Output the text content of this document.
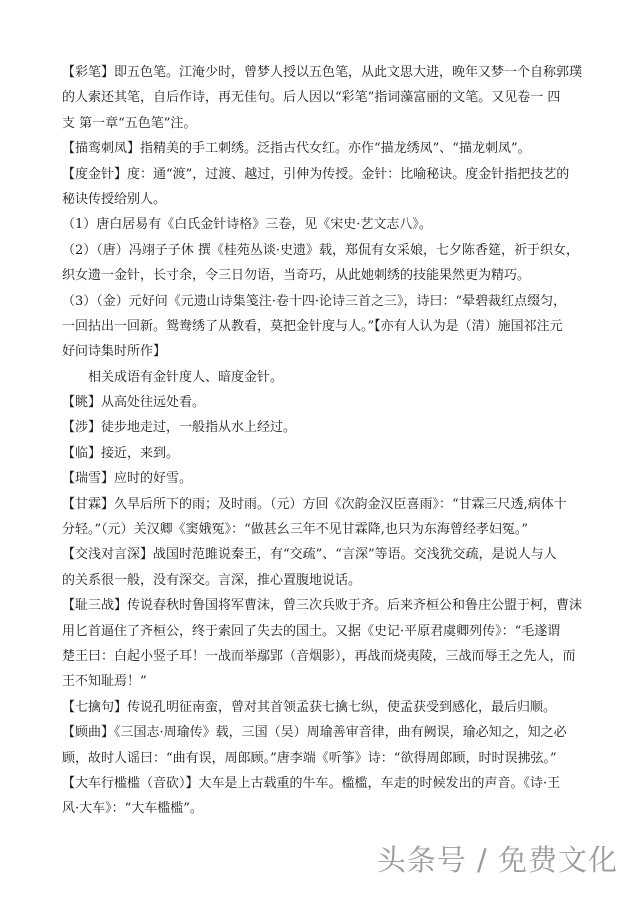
【彩笔】即五色笔。江淹少时，曾梦人授以五色笔，从此文思大进，晚年又梦一个自称郭璞
的人索还其笔，自后作诗，再无佳句。后人因以“彩笔”指词藻富丽的文笔。又见卷一 四
支 第一章“五色笔”注。
【描鸾刺凤】指精美的手工刺绣。泛指古代女红。亦作“描龙绣凤”、“描龙刺凤”。
【度金针】度：通“渡”，过渡、越过，引伸为传授。金针：比喻秘诀。度金针指把技艺的
秘诀传授给别人。
（1）唐白居易有《白氏金针诗格》三卷，见《宋史·艺文志八》。
（2）（唐）冯翊子子休 撰《桂苑丛谈·史遗》载，郑侃有女采娘，七夕陈香筵，祈于织女，
织女遗一金针，长寸余，令三日勿语，当奇巧，从此她刺绣的技能果然更为精巧。
（3）（金）元好问《元遗山诗集笺注·卷十四·论诗三首之三》，诗曰：“晕碧裁红点缀匀，
一回拈出一回新。鸳鸯绣了从教看，莫把金针度与人。”【亦有人认为是（清）施国祁注元
好问诗集时所作】
相关成语有金针度人、暗度金针。
【眺】从高处往远处看。
【涉】徒步地走过，一般指从水上经过。
【临】接近，来到。
【瑞雪】应时的好雪。
【甘霖】久旱后所下的雨；及时雨。（元）方回《次韵金汉臣喜雨》：“甘霖三尺透,病体十
分轻。”（元）关汉卿《窦娥冤》：“做甚幺三年不见甘霖降,也只为东海曾经孝妇冤。”
【交浅对言深】战国时范雎说秦王，有“交疏”、“言深”等语。交浅犹交疏，是说人与人
的关系很一般，没有深交。言深，推心置腹地说话。
【耻三战】传说春秋时鲁国将军曹沫，曾三次兵败于齐。后来齐桓公和鲁庄公盟于柯，曹沫
用匕首逼住了齐桓公，终于索回了失去的国土。又据《史记·平原君虞卿列传》：“毛遂谓
楚王曰：白起小竖子耳！一战而举鄢郢（音烟影），再战而烧夷陵，三战而辱王之先人，而
王不知耻焉！”
【七擒句】传说孔明征南蛮，曾对其首领孟获七擒七纵，使孟获受到感化，最后归顺。
【顾曲】《三国志·周瑜传》载，三国（吴）周瑜善审音律，曲有阙误，瑜必知之，知之必
顾，故时人谣曰：“曲有误，周郎顾。”唐李端《听筝》诗：“欲得周郎顾，时时误拂弦。”
【大车行槛槛（音砍）】大车是上古载重的牛车。槛槛，车走的时候发出的声音。《诗·王
风·大车》：“大车槛槛”。
头条号 / 免费文化
